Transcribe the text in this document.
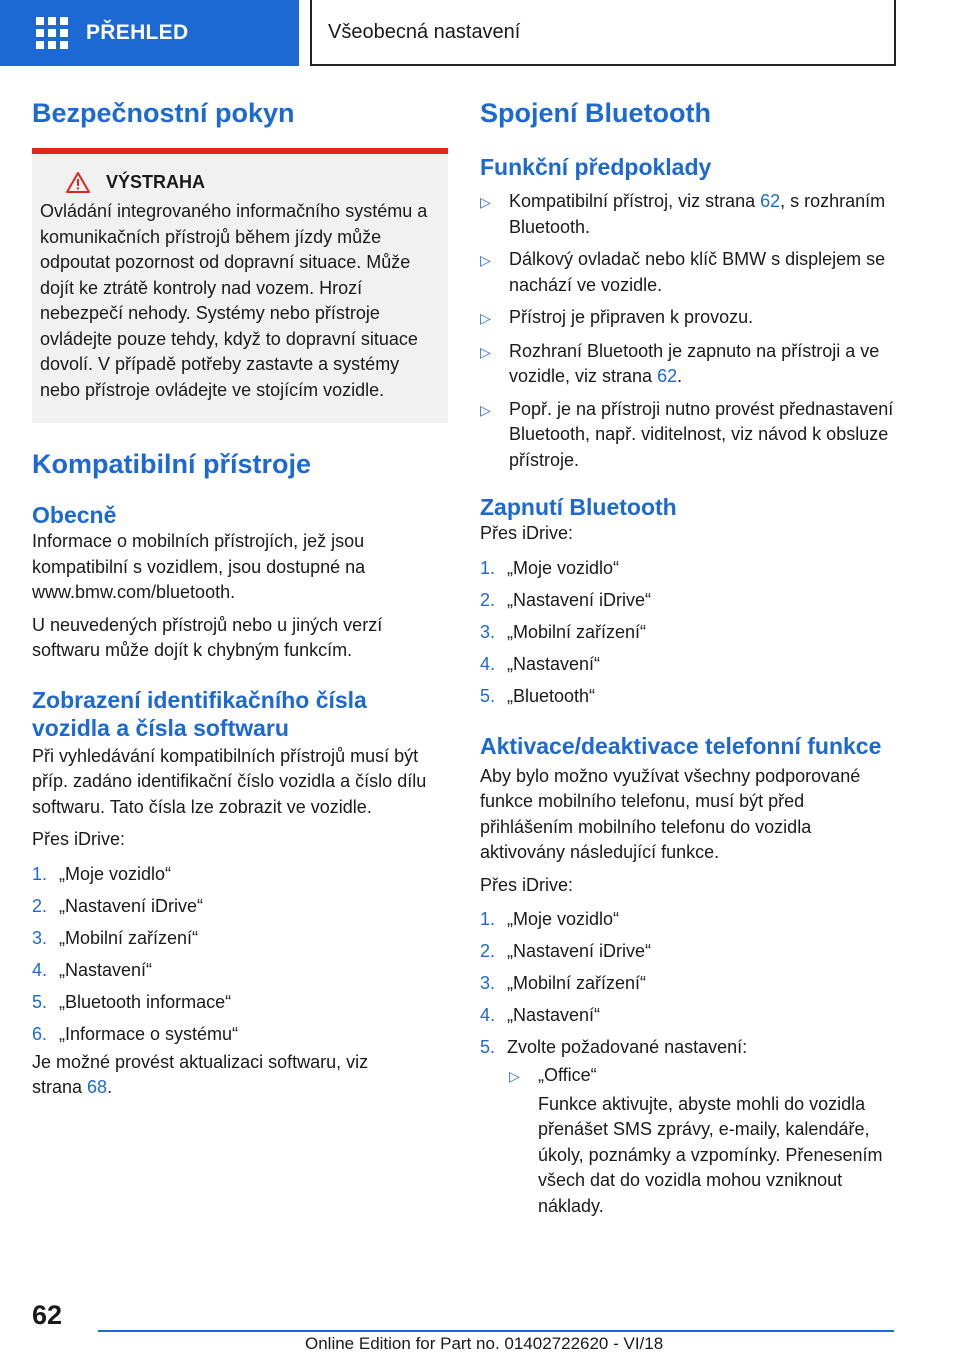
PŘEHLED	Všeobecná nastavení
Bezpečnostní pokyn
VÝSTRAHA

Ovládání integrovaného informačního systému a komunikačních přístrojů během jízdy může odpoutat pozornost od dopravní situace. Může dojít ke ztrátě kontroly nad vozem. Hrozí nebezpečí nehody. Systémy nebo přístroje ovládejte pouze tehdy, když to dopravní situace dovolí. V případě potřeby zastavte a systémy nebo přístroje ovládejte ve stojícím vozidle.

Kompatibilní přístroje
Obecně

Informace o mobilních přístrojích, jež jsou kompatibilní s vozidlem, jsou dostupné na www.bmw.com/bluetooth.

U neuvedených přístrojů nebo u jiných verzí softwaru může dojít k chybným funkcím.

Zobrazení identifikačního čísla vozidla a čísla softwaru

Při vyhledávání kompatibilních přístrojů musí být příp. zadáno identifikační číslo vozidla a číslo dílu softwaru. Tato čísla lze zobrazit ve vozidle.

Přes iDrive:

1. „Moje vozidlo“
2. „Nastavení iDrive“
3. „Mobilní zařízení“
4. „Nastavení“
5. „Bluetooth informace“
6. „Informace o systému“

Je možné provést aktualizaci softwaru, viz strana 68.

Spojení Bluetooth
Funkční předpoklady
▷	Kompatibilní přístroj, viz strana 62, s rozhraním Bluetooth.
▷	Dálkový ovladač nebo klíč BMW s displejem se nachází ve vozidle.
▷	Přístroj je připraven k provozu.
▷	Rozhraní Bluetooth je zapnuto na přístroji a ve vozidle, viz strana 62.
▷	Popř. je na přístroji nutno provést přednastavení Bluetooth, např. viditelnost, viz návod k obsluze přístroje.
Zapnutí Bluetooth

Přes iDrive:

1. „Moje vozidlo“
2. „Nastavení iDrive“
3. „Mobilní zařízení“
4. „Nastavení“
5. „Bluetooth“
Aktivace/deaktivace telefonní funkce

Aby bylo možno využívat všechny podporované funkce mobilního telefonu, musí být před přihlášením mobilního telefonu do vozidla aktivovány následující funkce.

Přes iDrive:

1. „Moje vozidlo“
2. „Nastavení iDrive“
3. „Mobilní zařízení“
4. „Nastavení“
5. Zvolte požadované nastavení:
▷	„Office“

Funkce aktivujte, abyste mohli do vozidla přenášet SMS zprávy, e-maily, kalendáře, úkoly, poznámky a vzpomínky. Přenesením všech dat do vozidla mohou vzniknout náklady.

62
Online Edition for Part no. 01402722620 - VI/18
